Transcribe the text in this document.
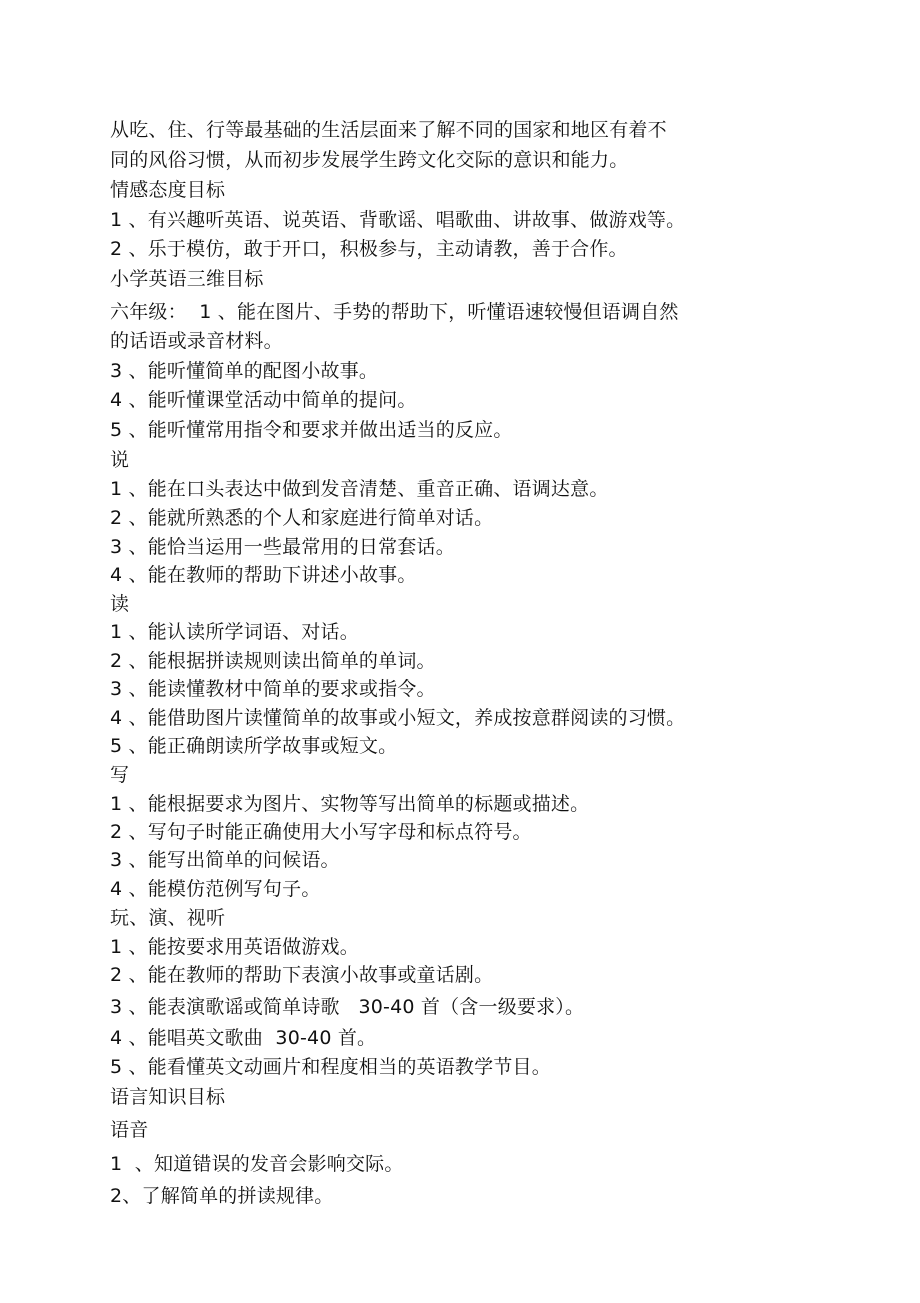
从吃、住、行等最基础的生活层面来了解不同的国家和地区有着不
同的风俗习惯，从而初步发展学生跨文化交际的意识和能力。
情感态度目标
1 、有兴趣听英语、说英语、背歌谣、唱歌曲、讲故事、做游戏等。
2 、乐于模仿，敢于开口，积极参与，主动请教，善于合作。
小学英语三维目标
六年级：  1 、能在图片、手势的帮助下，听懂语速较慢但语调自然
的话语或录音材料。
3 、能听懂简单的配图小故事。
4 、能听懂课堂活动中简单的提问。
5 、能听懂常用指令和要求并做出适当的反应。
说
1 、能在口头表达中做到发音清楚、重音正确、语调达意。
2 、能就所熟悉的个人和家庭进行简单对话。
3 、能恰当运用一些最常用的日常套话。
4 、能在教师的帮助下讲述小故事。
读
1 、能认读所学词语、对话。
2 、能根据拼读规则读出简单的单词。
3 、能读懂教材中简单的要求或指令。
4 、能借助图片读懂简单的故事或小短文，养成按意群阅读的习惯。
5 、能正确朗读所学故事或短文。
写
1 、能根据要求为图片、实物等写出简单的标题或描述。
2 、写句子时能正确使用大小写字母和标点符号。
3 、能写出简单的问候语。
4 、能模仿范例写句子。
玩、演、视听
1 、能按要求用英语做游戏。
2 、能在教师的帮助下表演小故事或童话剧。
3 、能表演歌谣或简单诗歌   30-40 首（含一级要求）。
4 、能唱英文歌曲  30-40 首。
5 、能看懂英文动画片和程度相当的英语教学节目。
语言知识目标
语音
1  、知道错误的发音会影响交际。
2、了解简单的拼读规律。
